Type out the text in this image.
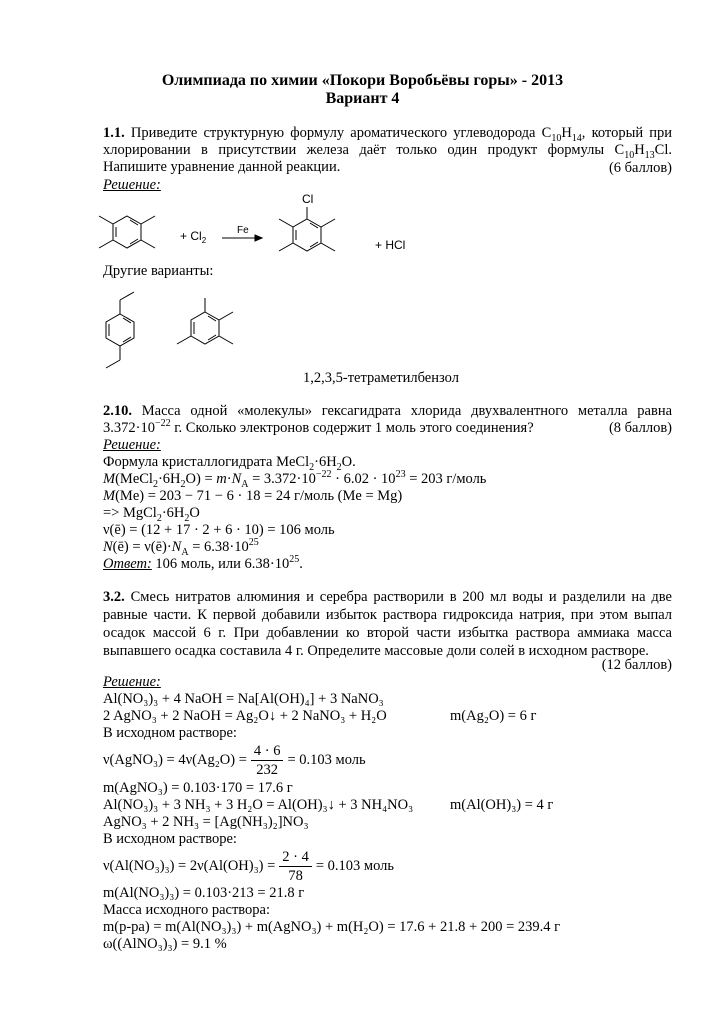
Олимпиада по химии «Покори Воробьёвы горы» - 2013
Вариант 4
1.1. Приведите структурную формулу ароматического углеводорода $C_{10}H_{14}$, который при хлорировании в присутствии железа даёт только один продукт формулы $C_{10}H_{13}Cl$. Напишите уравнение данной реакции.	(6 баллов)
Решение:
+ $Cl_2$
Fe
Cl
+ HCl
Другие варианты:
1,2,3,5-тетраметилбензол
2.10. Масса одной «молекулы» гексагидрата хлорида двухвалентного металла равна $3.372\cdot 10^{-22}$ г. Сколько электронов содержит 1 моль этого соединения?	(8 баллов)
Решение:
Формула кристаллогидрата $MeCl_2\cdot 6H_2O$.
$M(MeCl_2\cdot 6H_2O) = m\cdot N_A = 3.372\cdot 10^{-22} \cdot 6.02 \cdot 10^{23} = 203$ г/моль
M(Me) = 203 − 71 − 6 · 18 = 24 г/моль (Me = Mg)
=> $MgCl_2\cdot 6H_2O$
ν(ē) = (12 + 17 · 2 + 6 · 10) = 106 моль
N(ē) = $\nu(ē)\cdot N_A = 6.38\cdot 10^{25}$
Ответ: 106 моль, или $6.38\cdot 10^{25}$.
3.2. Смесь нитратов алюминия и серебра растворили в 200 мл воды и разделили на две равные части. К первой добавили избыток раствора гидроксида натрия, при этом выпал осадок массой 6 г. При добавлении ко второй части избытка раствора аммиака масса выпавшего осадка составила 4 г. Определите массовые доли солей в исходном растворе.
(12 баллов)
Решение:
Al(NO₃)₃ + 4 NaOH = Na[Al(OH)₄] + 3 NaNO₃
2 AgNO₃ + 2 NaOH = Ag₂O↓ + 2 NaNO₃ + H₂O	m(Ag₂O) = 6 г
В исходном растворе:
ν(AgNO₃) = $4\nu(Ag_2O) = \frac{4 \cdot 6}{232} = 0.103$ моль
m(AgNO₃) = 0.103·170 = 17.6 г
Al(NO₃)₃ + 3 NH₃ + 3 H₂O = Al(OH)₃↓ + 3 NH₄NO₃	m(Al(OH)₃) = 4 г
AgNO₃ + 2 NH₃ = [Ag(NH₃)₂]NO₃
В исходном растворе:
$\nu(Al(NO_3)_3) = 2\nu(Al(OH)_3) = \frac{2 \cdot 4}{78} = 0.103$ моль
m(Al(NO₃)₃) = 0.103·213 = 21.8 г
Масса исходного раствора:
m(р-ра) = m(Al(NO₃)₃) + m(AgNO₃) + m(H₂O) = 17.6 + 21.8 + 200 = 239.4 г
ω((AlNO₃)₃) = 9.1 %
